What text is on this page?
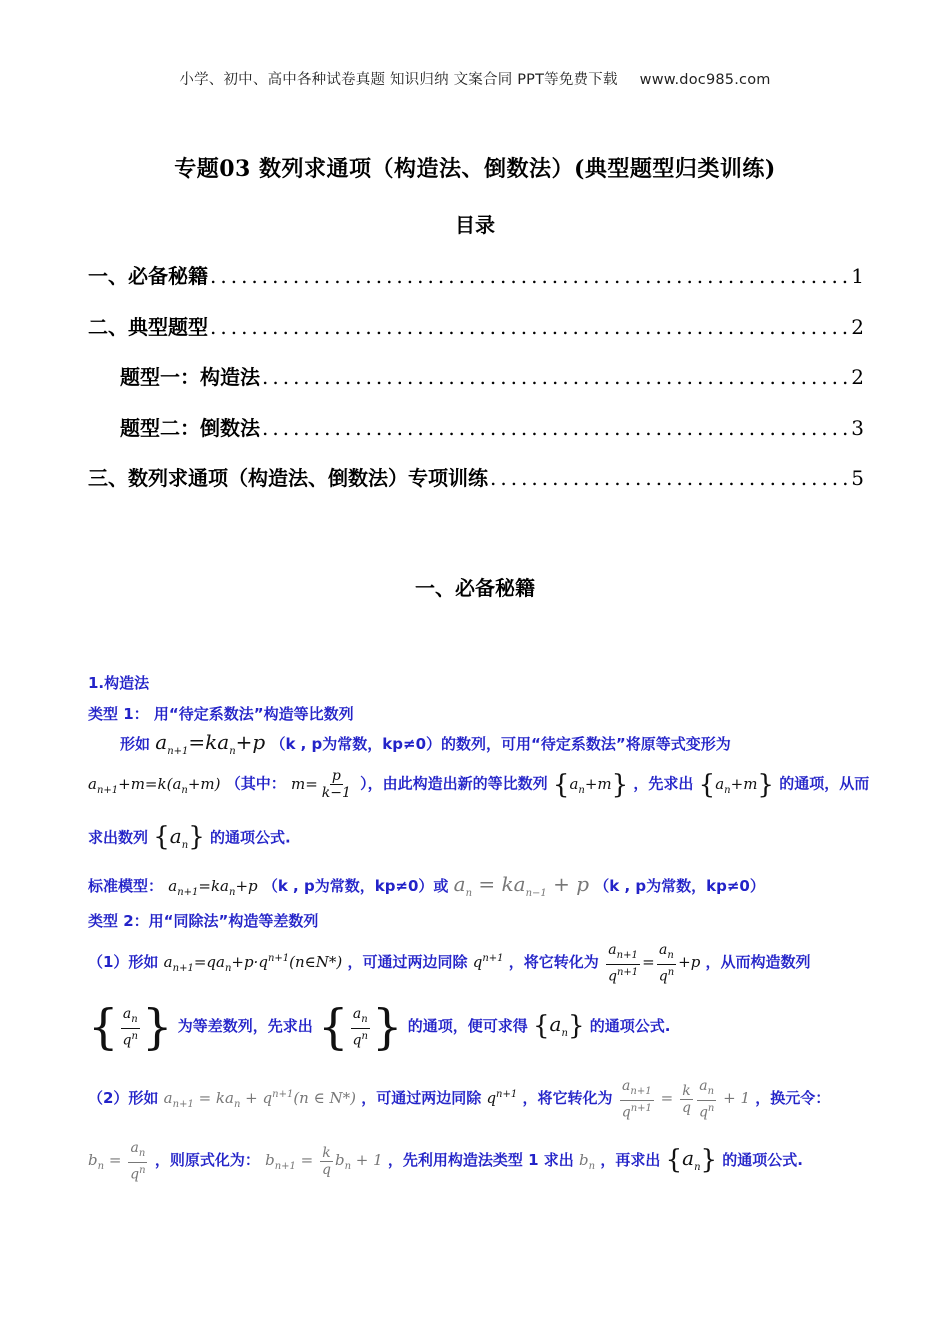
小学、初中、高中各种试卷真题 知识归纳 文案合同 PPT等免费下载 www.doc985.com
专题03 数列求通项（构造法、倒数法）(典型题型归类训练)
目录
一、必备秘籍 .....	1
二、典型题型 .....	2
题型一：构造法 .....	2
题型二：倒数法 .....	3
三、数列求通项（构造法、倒数法）专项训练 .....	5
一、必备秘籍
1.构造法
类型 1： 用“待定系数法”构造等比数列
形如 $a_{n+1}=ka_n+p$ （k , p为常数，kp≠0）的数列，可用“待定系数法”将原等式变形为
$a_{n+1}+m=k(a_n+m)$ （其中： $m= \frac{p}{k-1}$ ），由此构造出新的等比数列 $\{a_n+m\}$ ，先求出 $\{a_n+m\}$ 的通项，从而
求出数列 $\{a_n\}$ 的通项公式.
标准模型： $a_{n+1}=ka_n+p$ （k , p为常数，kp≠0）或 $a_n = ka_{n-1} + p$ （k , p为常数，kp≠0）
类型 2：用“同除法”构造等差数列
（1）形如 $a_{n+1}=qa_n+p\cdot q^{n+1}(n\in N*)$ ，可通过两边同除 $q^{n+1}$ ，将它转化为 $\frac{a_{n+1}}{q^{n+1}} = \frac{a_n}{q^n} +p$ ，从而构造数列
{ $\frac{a_n}{q^n}$ } 为等差数列，先求出 { $\frac{a_n}{q^n}$ } 的通项，便可求得 $\{a_n\}$ 的通项公式.
（2）形如 $a_{n+1} = ka_n + q^{n+1}(n$ ∈ N*) ，可通过两边同除 $q^{n+1}$ ，将它转化为 $\frac{a_{n+1}}{q^{n+1}} = \frac{k}{q} \frac{a_n}{q^n} + 1$ ，换元令：
$b_n = \frac{a_n}{q^n}$ ，则原式化为： $b_{n+1} = \frac{k}{q} b_n + 1$ ，先利用构造法类型 1 求出 $b_n$ ，再求出 $\{a_n\}$ 的通项公式.
